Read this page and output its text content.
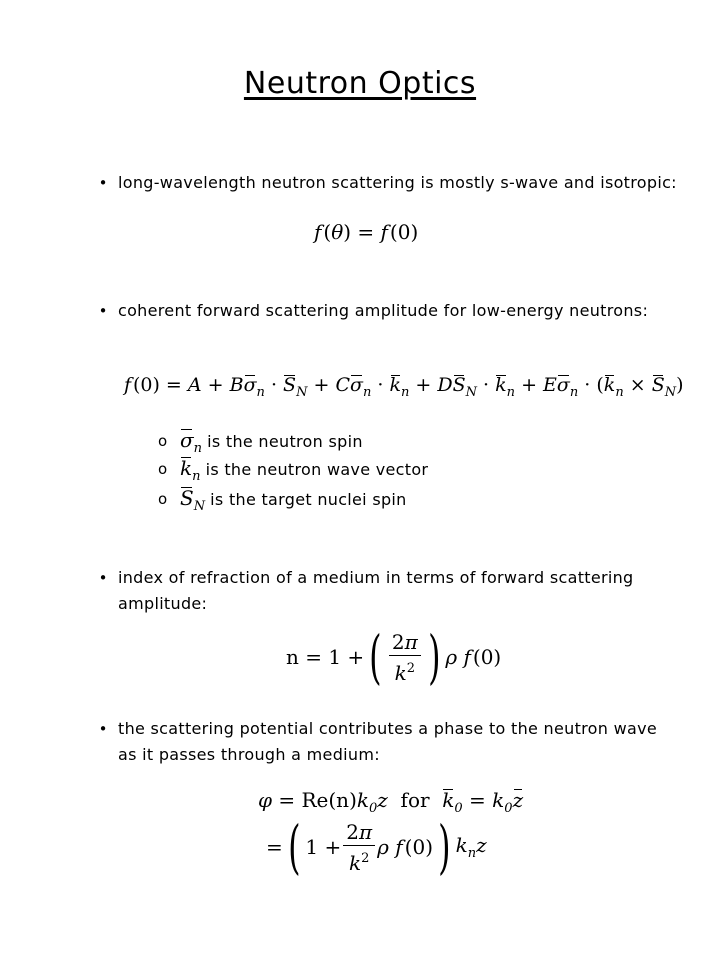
Neutron Optics
• long-wavelength neutron scattering is mostly s-wave and isotropic:
f (θ) = f (0)
• coherent forward scattering amplitude for low-energy neutrons:
f $(0) = A + B\sigma_n \cdot S_N + C\sigma_n \cdot k_n + DS_N \cdot k_n + E\sigma_n \cdot (k_n \times S_N)$
o $\sigma_n$ is the neutron spin
o $k_n$ is the neutron wave vector
o $S_N$ is the target nuclei spin
• index of refraction of a medium in terms of forward scattering amplitude:
n = 1 +( $\frac{2\pi}{k^2}$ ) ρ f (0)
• the scattering potential contributes a phase to the neutron wave as it passes through a medium:
$\varphi = Re(n)k_0z$  for  $k_0 = k_0z$
=( $1 + \frac{2\pi}{k^2}$ ρ f (0)) $k_nz$
